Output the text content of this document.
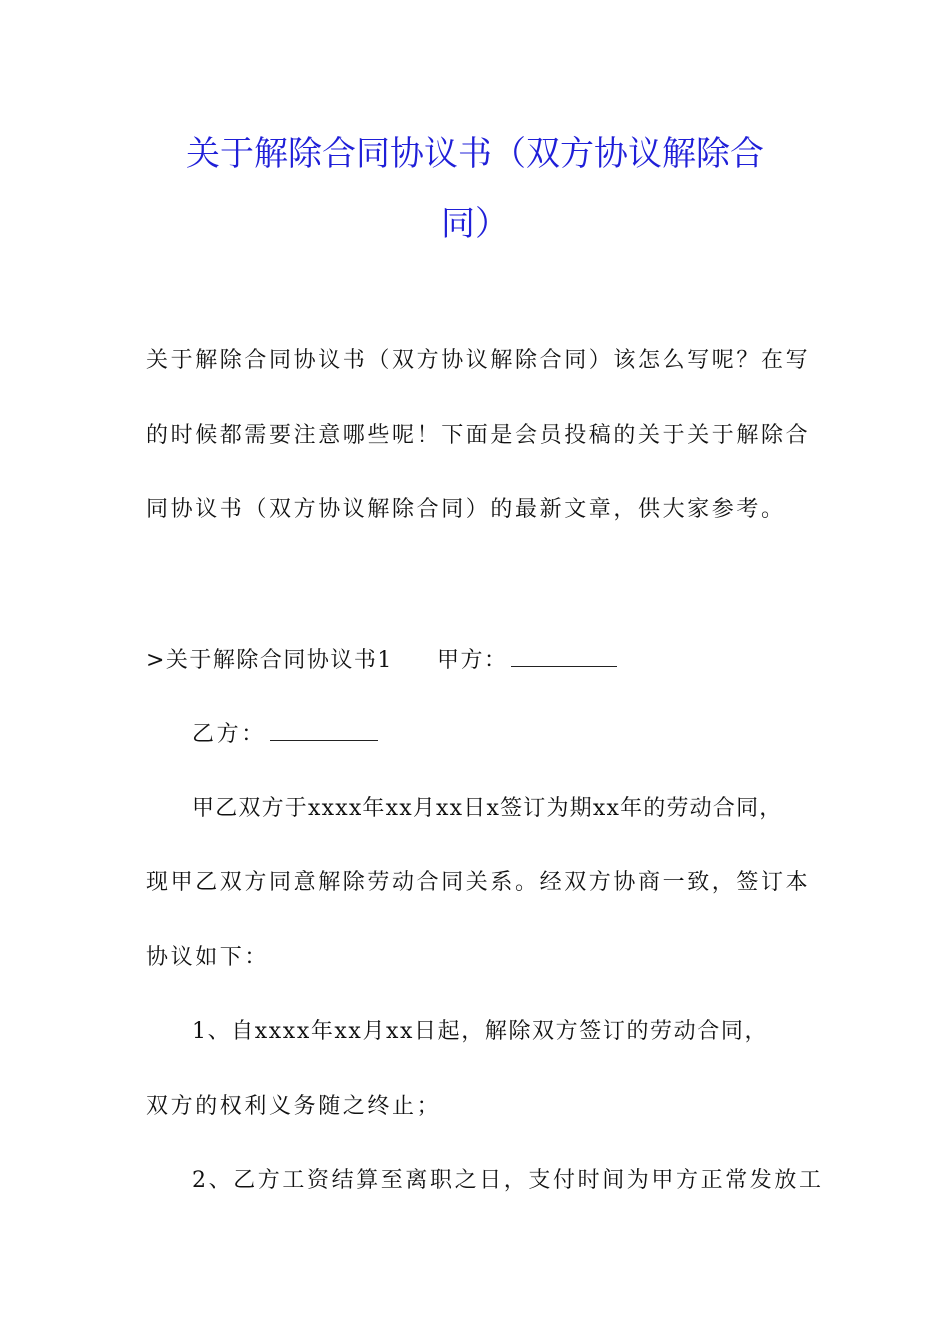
关于解除合同协议书（双方协议解除合
同）
关于解除合同协议书（双方协议解除合同）该怎么写呢？在写
的时候都需要注意哪些呢！下面是会员投稿的关于关于解除合
同协议书（双方协议解除合同）的最新文章，供大家参考。
>关于解除合同协议书1 甲方：
乙方：
甲乙双方于xxxx年xx月xx日x签订为期xx年的劳动合同，
现甲乙双方同意解除劳动合同关系。经双方协商一致，签订本
协议如下：
1、自xxxx年xx月xx日起，解除双方签订的劳动合同，
双方的权利义务随之终止；
2、乙方工资结算至离职之日，支付时间为甲方正常发放工
